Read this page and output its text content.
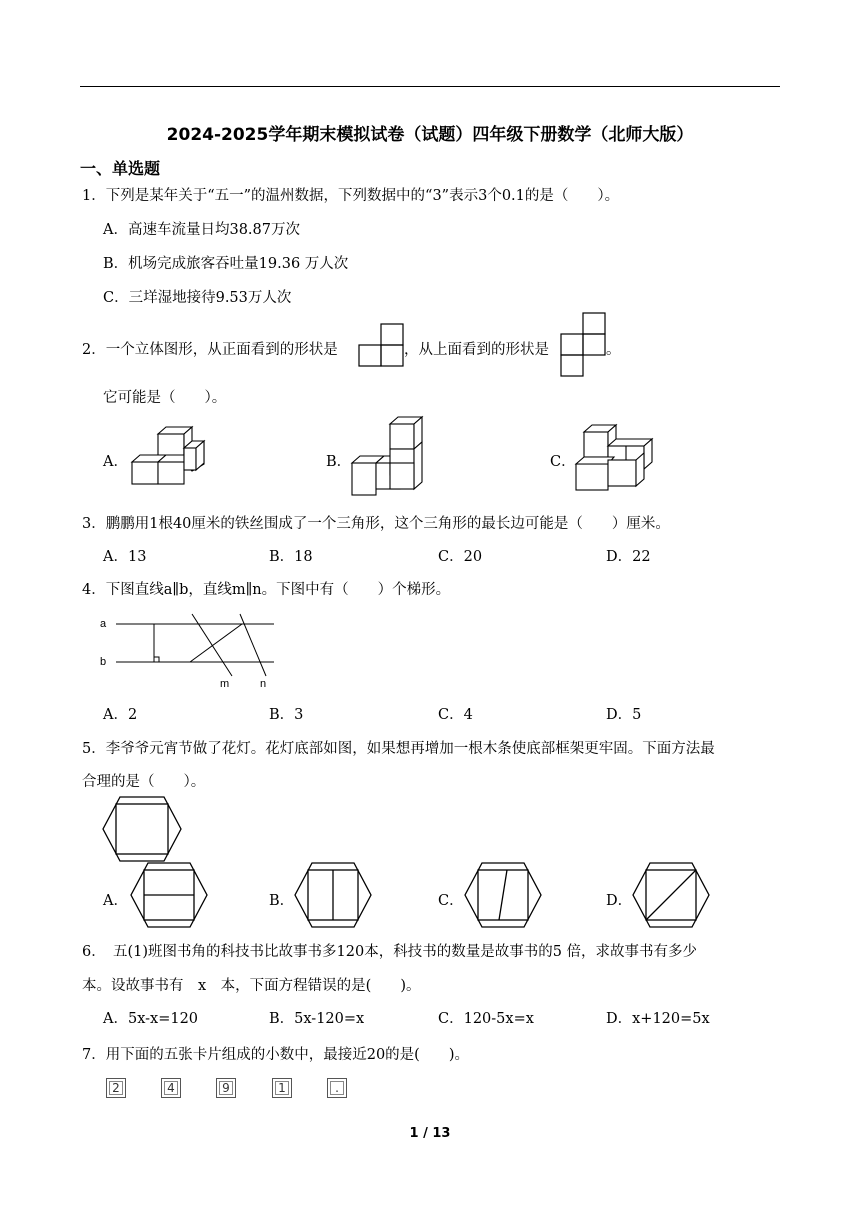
2024-2025学年期末模拟试卷（试题）四年级下册数学（北师大版）
一、单选题
1．下列是某年关于“五一”的温州数据，下列数据中的“3”表示3个0.1的是（　　）。
A．高速车流量日均38.87万次
B．机场完成旅客吞吐量19.36 万人次
C．三垟湿地接待9.53万人次
2．一个立体图形，从正面看到的形状是	，从上面看到的形状是	。
它可能是（　　）。
A．	B．	C．
3．鹏鹏用1根40厘米的铁丝围成了一个三角形，这个三角形的最长边可能是（　　）厘米。
A．13	B．18	C．20	D．22
4．下图直线a∥b，直线m∥n。下图中有（　　）个梯形。
a
b
m	n
A．2	B．3	C．4	D．5
5．李爷爷元宵节做了花灯。花灯底部如图，如果想再增加一根木条使底部框架更牢固。下面方法最
合理的是（　　）。
A．	B．	C．	D．
6．　五(1)班图书角的科技书比故事书多120本，科技书的数量是故事书的5 倍，求故事书有多少
本。设故事书有　x　本，下面方程错误的是(　　)。
A．5x-x=120	B．5x-120=x	C．120-5x=x	D．x+120=5x
7．用下面的五张卡片组成的小数中，最接近20的是(　　)。
2	4	9	1	.
1 / 13
